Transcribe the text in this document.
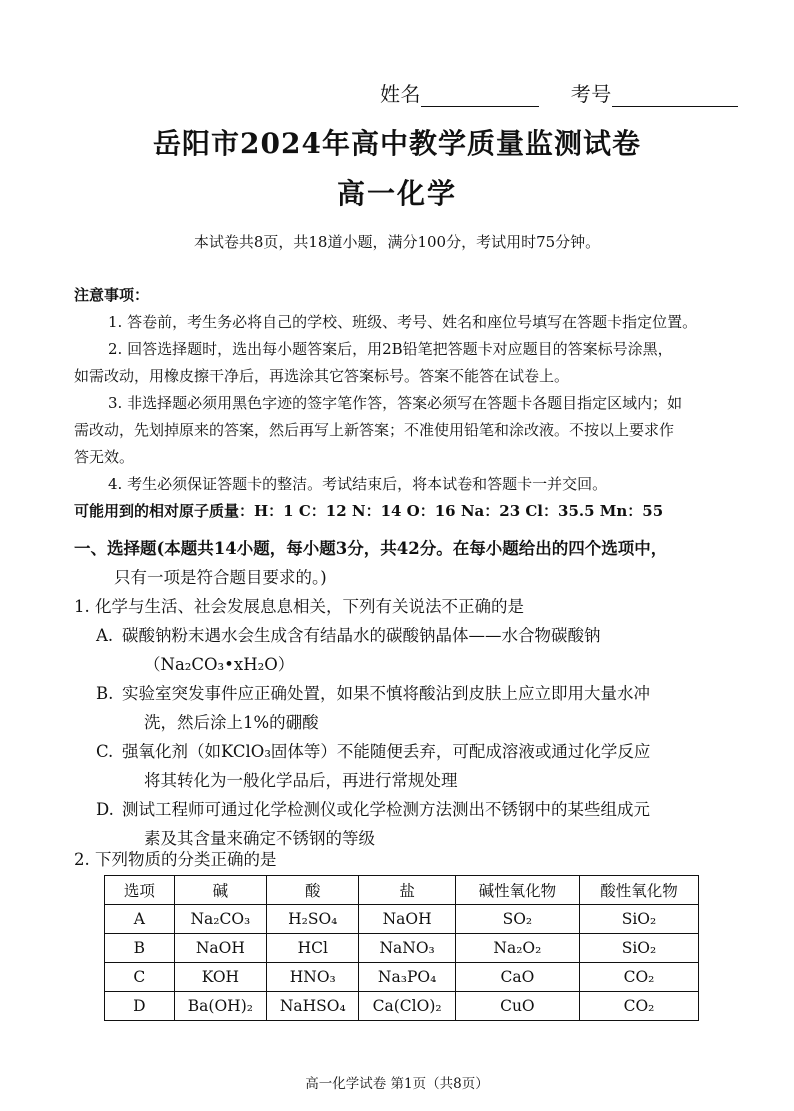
姓名	考号
岳阳市2024年高中教学质量监测试卷
高一化学
本试卷共8页，共18道小题，满分100分，考试用时75分钟。

注意事项：

1. 答卷前，考生务必将自己的学校、班级、考号、姓名和座位号填写在答题卡指定位置。

2. 回答选择题时，选出每小题答案后，用2B铅笔把答题卡对应题目的答案标号涂黑，

如需改动，用橡皮擦干净后，再选涂其它答案标号。答案不能答在试卷上。

3. 非选择题必须用黑色字迹的签字笔作答，答案必须写在答题卡各题目指定区域内；如

需改动，先划掉原来的答案，然后再写上新答案；不准使用铅笔和涂改液。不按以上要求作

答无效。

4. 考生必须保证答题卡的整洁。考试结束后，将本试卷和答题卡一并交回。

可能用到的相对原子质量：H：1 C：12 N：14 O：16 Na：23 Cl：35.5 Mn：55

一、选择题(本题共14小题，每小题3分，共42分。在每小题给出的四个选项中，

只有一项是符合题目要求的。)

1. 化学与生活、社会发展息息相关，下列有关说法不正确的是

A. 碳酸钠粉末遇水会生成含有结晶水的碳酸钠晶体——水合物碳酸钠

（Na₂CO₃•xH₂O）

B. 实验室突发事件应正确处置，如果不慎将酸沾到皮肤上应立即用大量水冲

洗，然后涂上1%的硼酸

C. 强氧化剂（如KClO₃固体等）不能随便丢弃，可配成溶液或通过化学反应

将其转化为一般化学品后，再进行常规处理

D. 测试工程师可通过化学检测仪或化学检测方法测出不锈钢中的某些组成元

素及其含量来确定不锈钢的等级

2. 下列物质的分类正确的是

选项	碱	酸	盐	碱性氧化物	酸性氧化物
A	Na₂CO₃	H₂SO₄	NaOH	SO₂	SiO₂
B	NaOH	HCl	NaNO₃	Na₂O₂	SiO₂
C	KOH	HNO₃	Na₃PO₄	CaO	CO₂
D	Ba(OH)₂	NaHSO₄	Ca(ClO)₂	CuO	CO₂
高一化学试卷 第1页（共8页）
